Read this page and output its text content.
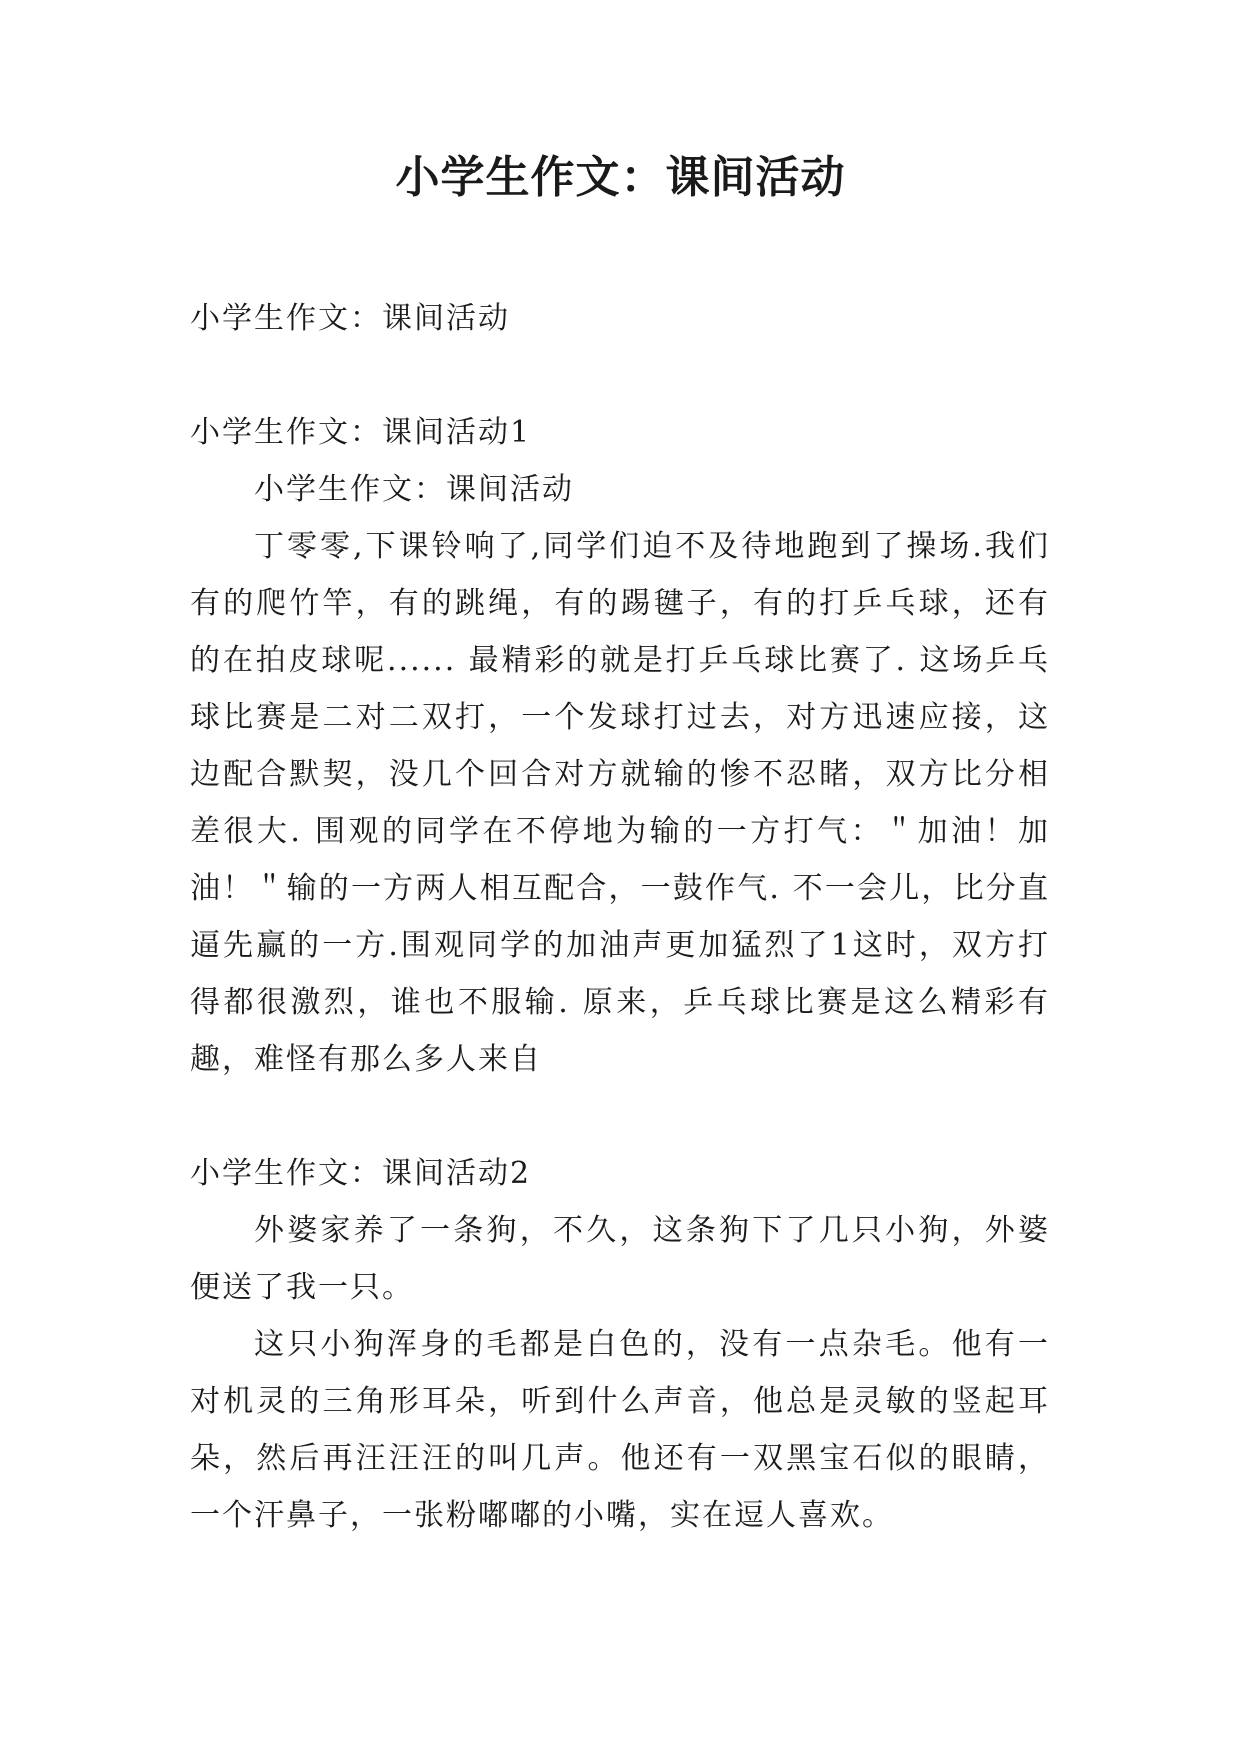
小学生作文：课间活动

小学生作文：课间活动

小学生作文：课间活动1

小学生作文：课间活动

丁零零,下课铃响了,同学们迫不及待地跑到了操场.我们有的爬竹竿，有的跳绳，有的踢毽子，有的打乒乓球，还有的在拍皮球呢...... 最精彩的就是打乒乓球比赛了. 这场乒乓球比赛是二对二双打，一个发球打过去，对方迅速应接，这边配合默契，没几个回合对方就输的惨不忍睹，双方比分相差很大. 围观的同学在不停地为输的一方打气：＂加油！加油！＂输的一方两人相互配合，一鼓作气. 不一会儿，比分直逼先赢的一方.围观同学的加油声更加猛烈了1这时，双方打得都很激烈，谁也不服输. 原来，乒乓球比赛是这么精彩有趣，难怪有那么多人来自

小学生作文：课间活动2

外婆家养了一条狗，不久，这条狗下了几只小狗，外婆便送了我一只。

这只小狗浑身的毛都是白色的，没有一点杂毛。他有一对机灵的三角形耳朵，听到什么声音，他总是灵敏的竖起耳朵，然后再汪汪汪的叫几声。他还有一双黑宝石似的眼睛，一个汗鼻子，一张粉嘟嘟的小嘴，实在逗人喜欢。
